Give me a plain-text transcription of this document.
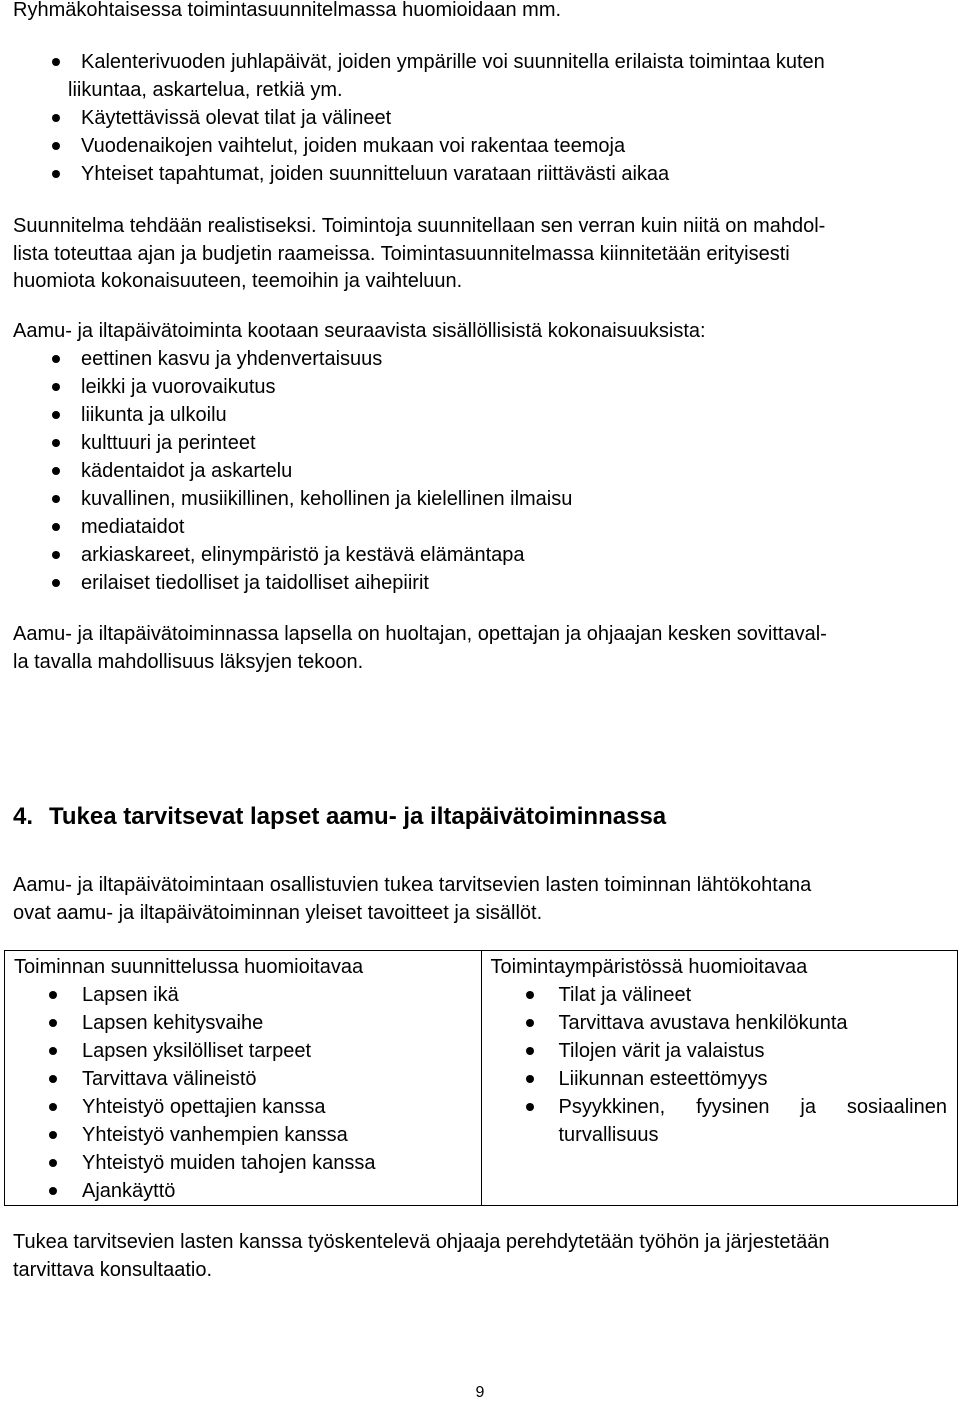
Ryhmäkohtaisessa toimintasuunnitelmassa huomioidaan mm.
Kalenterivuoden juhlapäivät, joiden ympärille voi suunnitella erilaista toimintaa kuten
liikuntaa, askartelua, retkiä ym.
Käytettävissä olevat tilat ja välineet
Vuodenaikojen vaihtelut, joiden mukaan voi rakentaa teemoja
Yhteiset tapahtumat, joiden suunnitteluun varataan riittävästi aikaa
Suunnitelma tehdään realistiseksi. Toimintoja suunnitellaan sen verran kuin niitä on mahdol-
lista toteuttaa ajan ja budjetin raameissa. Toimintasuunnitelmassa kiinnitetään erityisesti
huomiota kokonaisuuteen, teemoihin ja vaihteluun.
Aamu- ja iltapäivätoiminta kootaan seuraavista sisällöllisistä kokonaisuuksista:
eettinen kasvu ja yhdenvertaisuus
leikki ja vuorovaikutus
liikunta ja ulkoilu
kulttuuri ja perinteet
kädentaidot ja askartelu
kuvallinen, musiikillinen, kehollinen ja kielellinen ilmaisu
mediataidot
arkiaskareet, elinympäristö ja kestävä elämäntapa
erilaiset tiedolliset ja taidolliset aihepiirit
Aamu- ja iltapäivätoiminnassa lapsella on huoltajan, opettajan ja ohjaajan kesken sovittaval-
la tavalla mahdollisuus läksyjen tekoon.
4. Tukea tarvitsevat lapset aamu- ja iltapäivätoiminnassa
Aamu- ja iltapäivätoimintaan osallistuvien tukea tarvitsevien lasten toiminnan lähtökohtana
ovat aamu- ja iltapäivätoiminnan yleiset tavoitteet ja sisällöt.
Toiminnan suunnittelussa huomioitavaa
Lapsen ikä
Lapsen kehitysvaihe
Lapsen yksilölliset tarpeet
Tarvittava välineistö
Yhteistyö opettajien kanssa
Yhteistyö vanhempien kanssa
Yhteistyö muiden tahojen kanssa
Ajankäyttö

Toimintaympäristössä huomioitavaa
Tilat ja välineet
Tarvittava avustava henkilökunta
Tilojen värit ja valaistus
Liikunnan esteettömyys
Psyykkinen, fyysinen ja sosiaalinen turvallisuus
Tukea tarvitsevien lasten kanssa työskentelevä ohjaaja perehdytetään työhön ja järjestetään
tarvittava konsultaatio.
9
